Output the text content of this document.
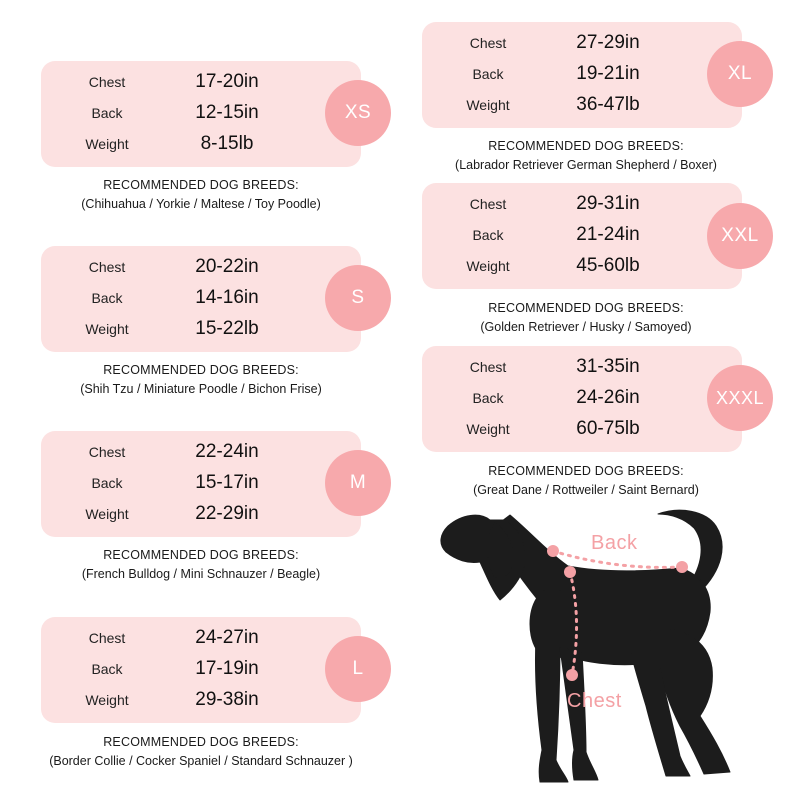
Chest	17-20in
Back	12-15in
Weight	8-15lb
XS
RECOMMENDED DOG BREEDS:
(Chihuahua / Yorkie / Maltese / Toy Poodle)
Chest	20-22in
Back	14-16in
Weight	15-22lb
S
RECOMMENDED DOG BREEDS:
(Shih Tzu / Miniature Poodle / Bichon Frise)
Chest	22-24in
Back	15-17in
Weight	22-29in
M
RECOMMENDED DOG BREEDS:
(French Bulldog / Mini Schnauzer / Beagle)
Chest	24-27in
Back	17-19in
Weight	29-38in
L
RECOMMENDED DOG BREEDS:
(Border Collie / Cocker Spaniel / Standard Schnauzer )
Chest	27-29in
Back	19-21in
Weight	36-47lb
XL
RECOMMENDED DOG BREEDS:
(Labrador Retriever German Shepherd / Boxer)
Chest	29-31in
Back	21-24in
Weight	45-60lb
XXL
RECOMMENDED DOG BREEDS:
(Golden Retriever / Husky / Samoyed)
Chest	31-35in
Back	24-26in
Weight	60-75lb
XXXL
RECOMMENDED DOG BREEDS:
(Great Dane / Rottweiler / Saint Bernard)
Back
Chest
